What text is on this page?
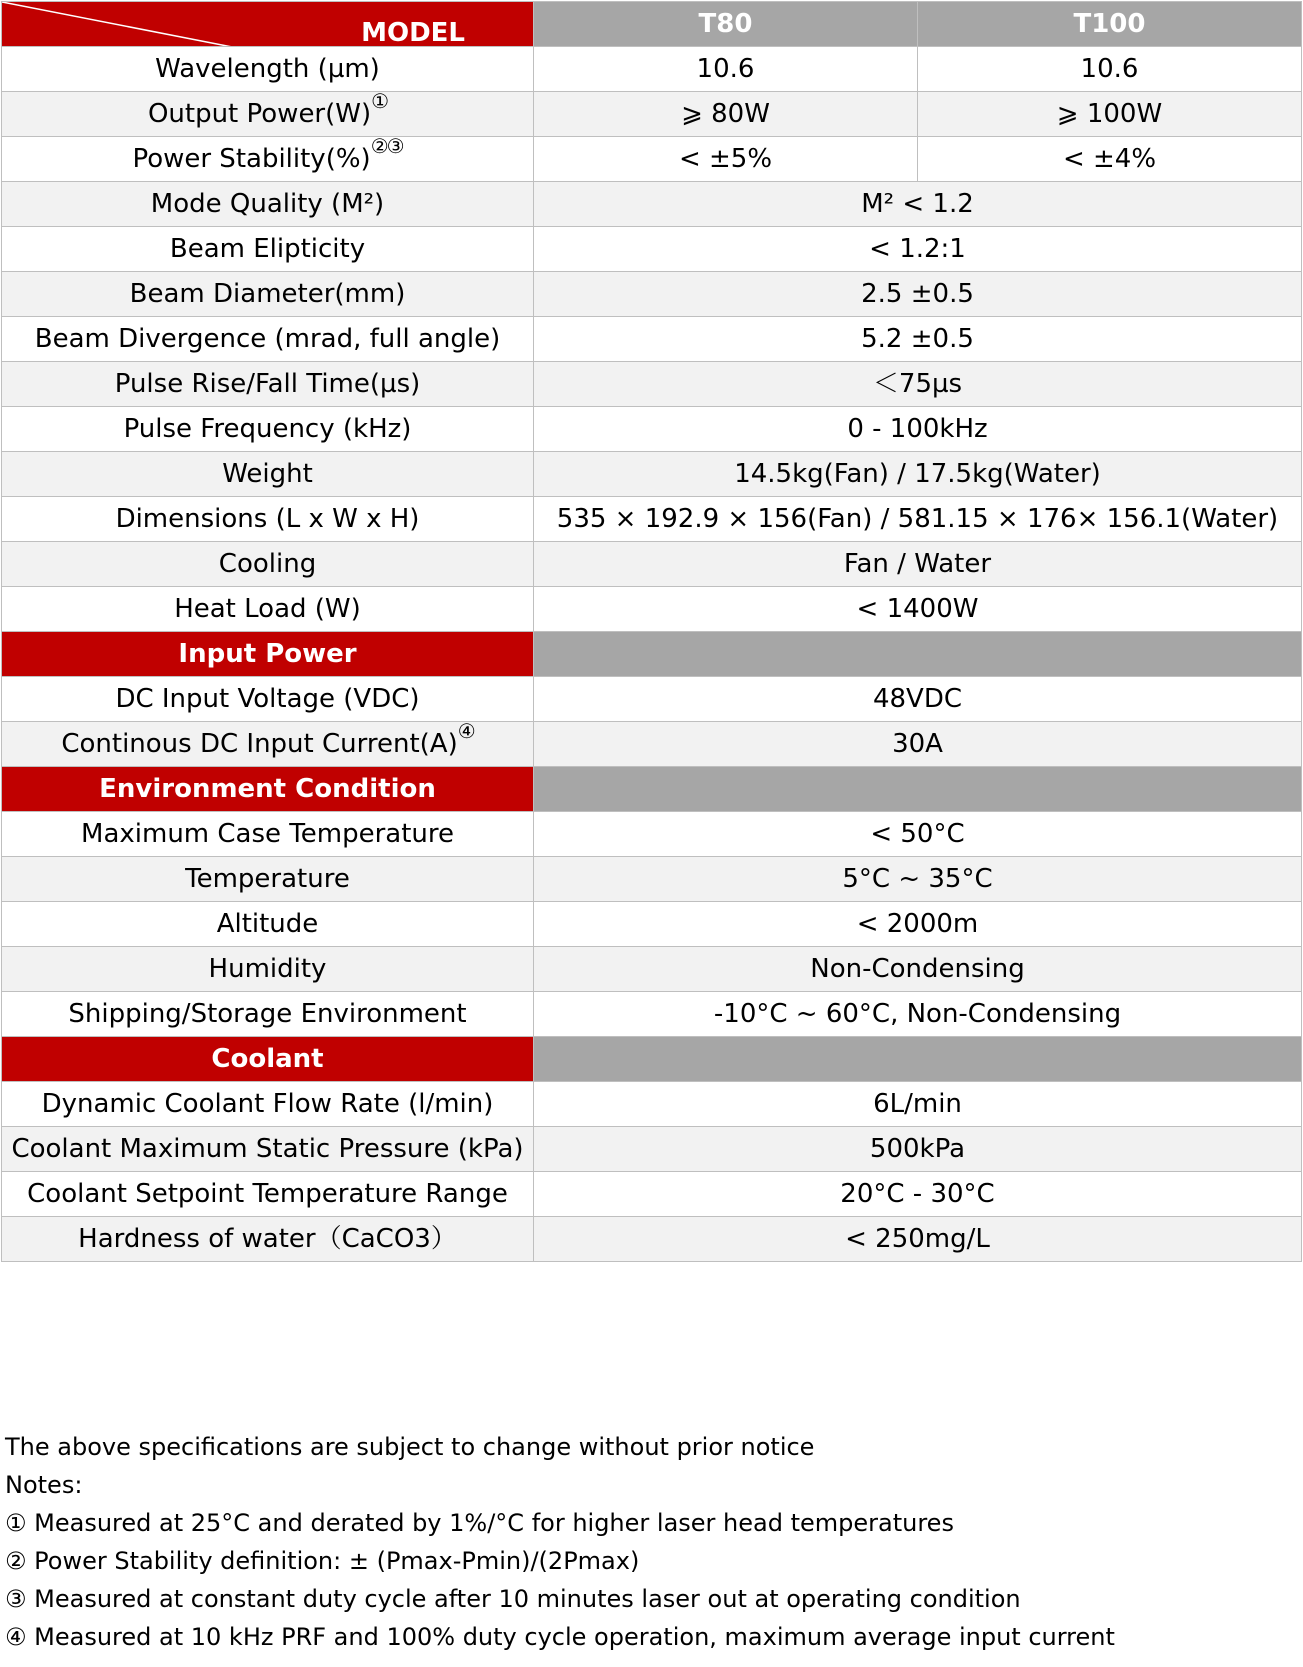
MODEL	T80	T100
Wavelength (µm)	10.6	10.6
Output Power(W)①	⩾ 80W	⩾ 100W
Power Stability(%)②③	< ±5%	< ±4%
Mode Quality (M²)	M² < 1.2	
Beam Elipticity	< 1.2:1	
Beam Diameter(mm)	2.5 ±0.5	
Beam Divergence (mrad, full angle)	5.2 ±0.5	
Pulse Rise/Fall Time(µs)	＜75µs	
Pulse Frequency (kHz)	0 - 100kHz	
Weight	14.5kg(Fan) / 17.5kg(Water)	
Dimensions (L x W x H)	535 × 192.9 × 156(Fan) / 581.15 × 176× 156.1(Water)	
Cooling	Fan / Water	
Heat Load (W)	< 1400W	
Input Power		
DC Input Voltage (VDC)	48VDC	
Continous DC Input Current(A)④	30A	
Environment Condition		
Maximum Case Temperature	< 50°C	
Temperature	5°C ~ 35°C	
Altitude	< 2000m	
Humidity	Non-Condensing	
Shipping/Storage Environment	-10°C ~ 60°C, Non-Condensing	
Coolant		
Dynamic Coolant Flow Rate (l/min)	6L/min	
Coolant Maximum Static Pressure (kPa)	500kPa	
Coolant Setpoint Temperature Range	20°C - 30°C	
Hardness of water（CaCO3）	< 250mg/L	
The above specifications are subject to change without prior notice
Notes:
① Measured at 25°C and derated by 1%/°C for higher laser head temperatures
② Power Stability definition: ± (Pmax-Pmin)/(2Pmax)
③ Measured at constant duty cycle after 10 minutes laser out at operating condition
④ Measured at 10 kHz PRF and 100% duty cycle operation, maximum average input current
